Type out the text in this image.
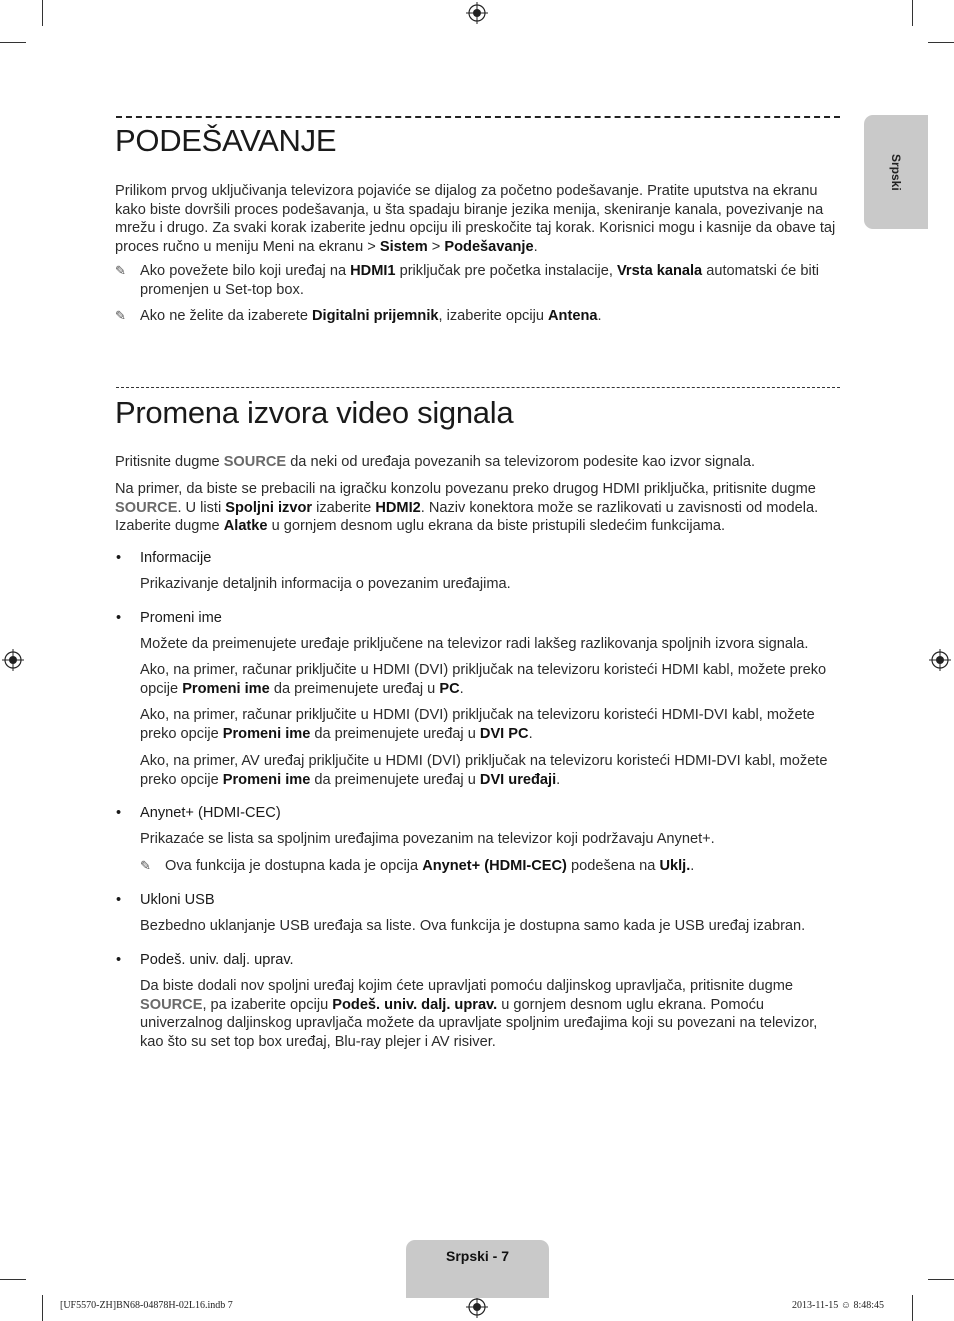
Srpski
PODEŠAVANJE

Prilikom prvog uključivanja televizora pojaviće se dijalog za početno podešavanje. Pratite uputstva na ekranu kako biste dovršili proces podešavanja, u šta spadaju biranje jezika menija, skeniranje kanala, povezivanje na mrežu i drugo. Za svaki korak izaberite jednu opciju ili preskočite taj korak. Korisnici mogu i kasnije da obave taj proces ručno u meniju Meni na ekranu > Sistem > Podešavanje.

✎ Ako povežete bilo koji uređaj na HDMI1 priključak pre početka instalacije, Vrsta kanala automatski će biti promenjen u Set-top box.
✎ Ako ne želite da izaberete Digitalni prijemnik, izaberite opciju Antena.
Promena izvora video signala

Pritisnite dugme SOURCE da neki od uređaja povezanih sa televizorom podesite kao izvor signala.

Na primer, da biste se prebacili na igračku konzolu povezanu preko drugog HDMI priključka, pritisnite dugme SOURCE. U listi Spoljni izvor izaberite HDMI2. Naziv konektora može se razlikovati u zavisnosti od modela. Izaberite dugme Alatke u gornjem desnom uglu ekrana da biste pristupili sledećim funkcijama.

• Informacije

Prikazivanje detaljnih informacija o povezanim uređajima.

• Promeni ime

Možete da preimenujete uređaje priključene na televizor radi lakšeg razlikovanja spoljnih izvora signala.

Ako, na primer, računar priključite u HDMI (DVI) priključak na televizoru koristeći HDMI kabl, možete preko opcije Promeni ime da preimenujete uređaj u PC.

Ako, na primer, računar priključite u HDMI (DVI) priključak na televizoru koristeći HDMI-DVI kabl, možete preko opcije Promeni ime da preimenujete uređaj u DVI PC.

Ako, na primer, AV uređaj priključite u HDMI (DVI) priključak na televizoru koristeći HDMI-DVI kabl, možete preko opcije Promeni ime da preimenujete uređaj u DVI uređaji.

• Anynet+ (HDMI-CEC)

Prikazaće se lista sa spoljnim uređajima povezanim na televizor koji podržavaju Anynet+.

✎ Ova funkcija je dostupna kada je opcija Anynet+ (HDMI-CEC) podešena na Uklj..
• Ukloni USB

Bezbedno uklanjanje USB uređaja sa liste. Ova funkcija je dostupna samo kada je USB uređaj izabran.

• Podeš. univ. dalj. uprav.

Da biste dodali nov spoljni uređaj kojim ćete upravljati pomoću daljinskog upravljača, pritisnite dugme SOURCE, pa izaberite opciju Podeš. univ. dalj. uprav. u gornjem desnom uglu ekrana. Pomoću univerzalnog daljinskog upravljača možete da upravljate spoljnim uređajima koji su povezani na televizor, kao što su set top box uređaj, Blu-ray plejer i AV risiver.

Srpski - 7
[UF5570-ZH]BN68-04878H-02L16.indb 7	2013-11-15 ☺ 8:48:45
